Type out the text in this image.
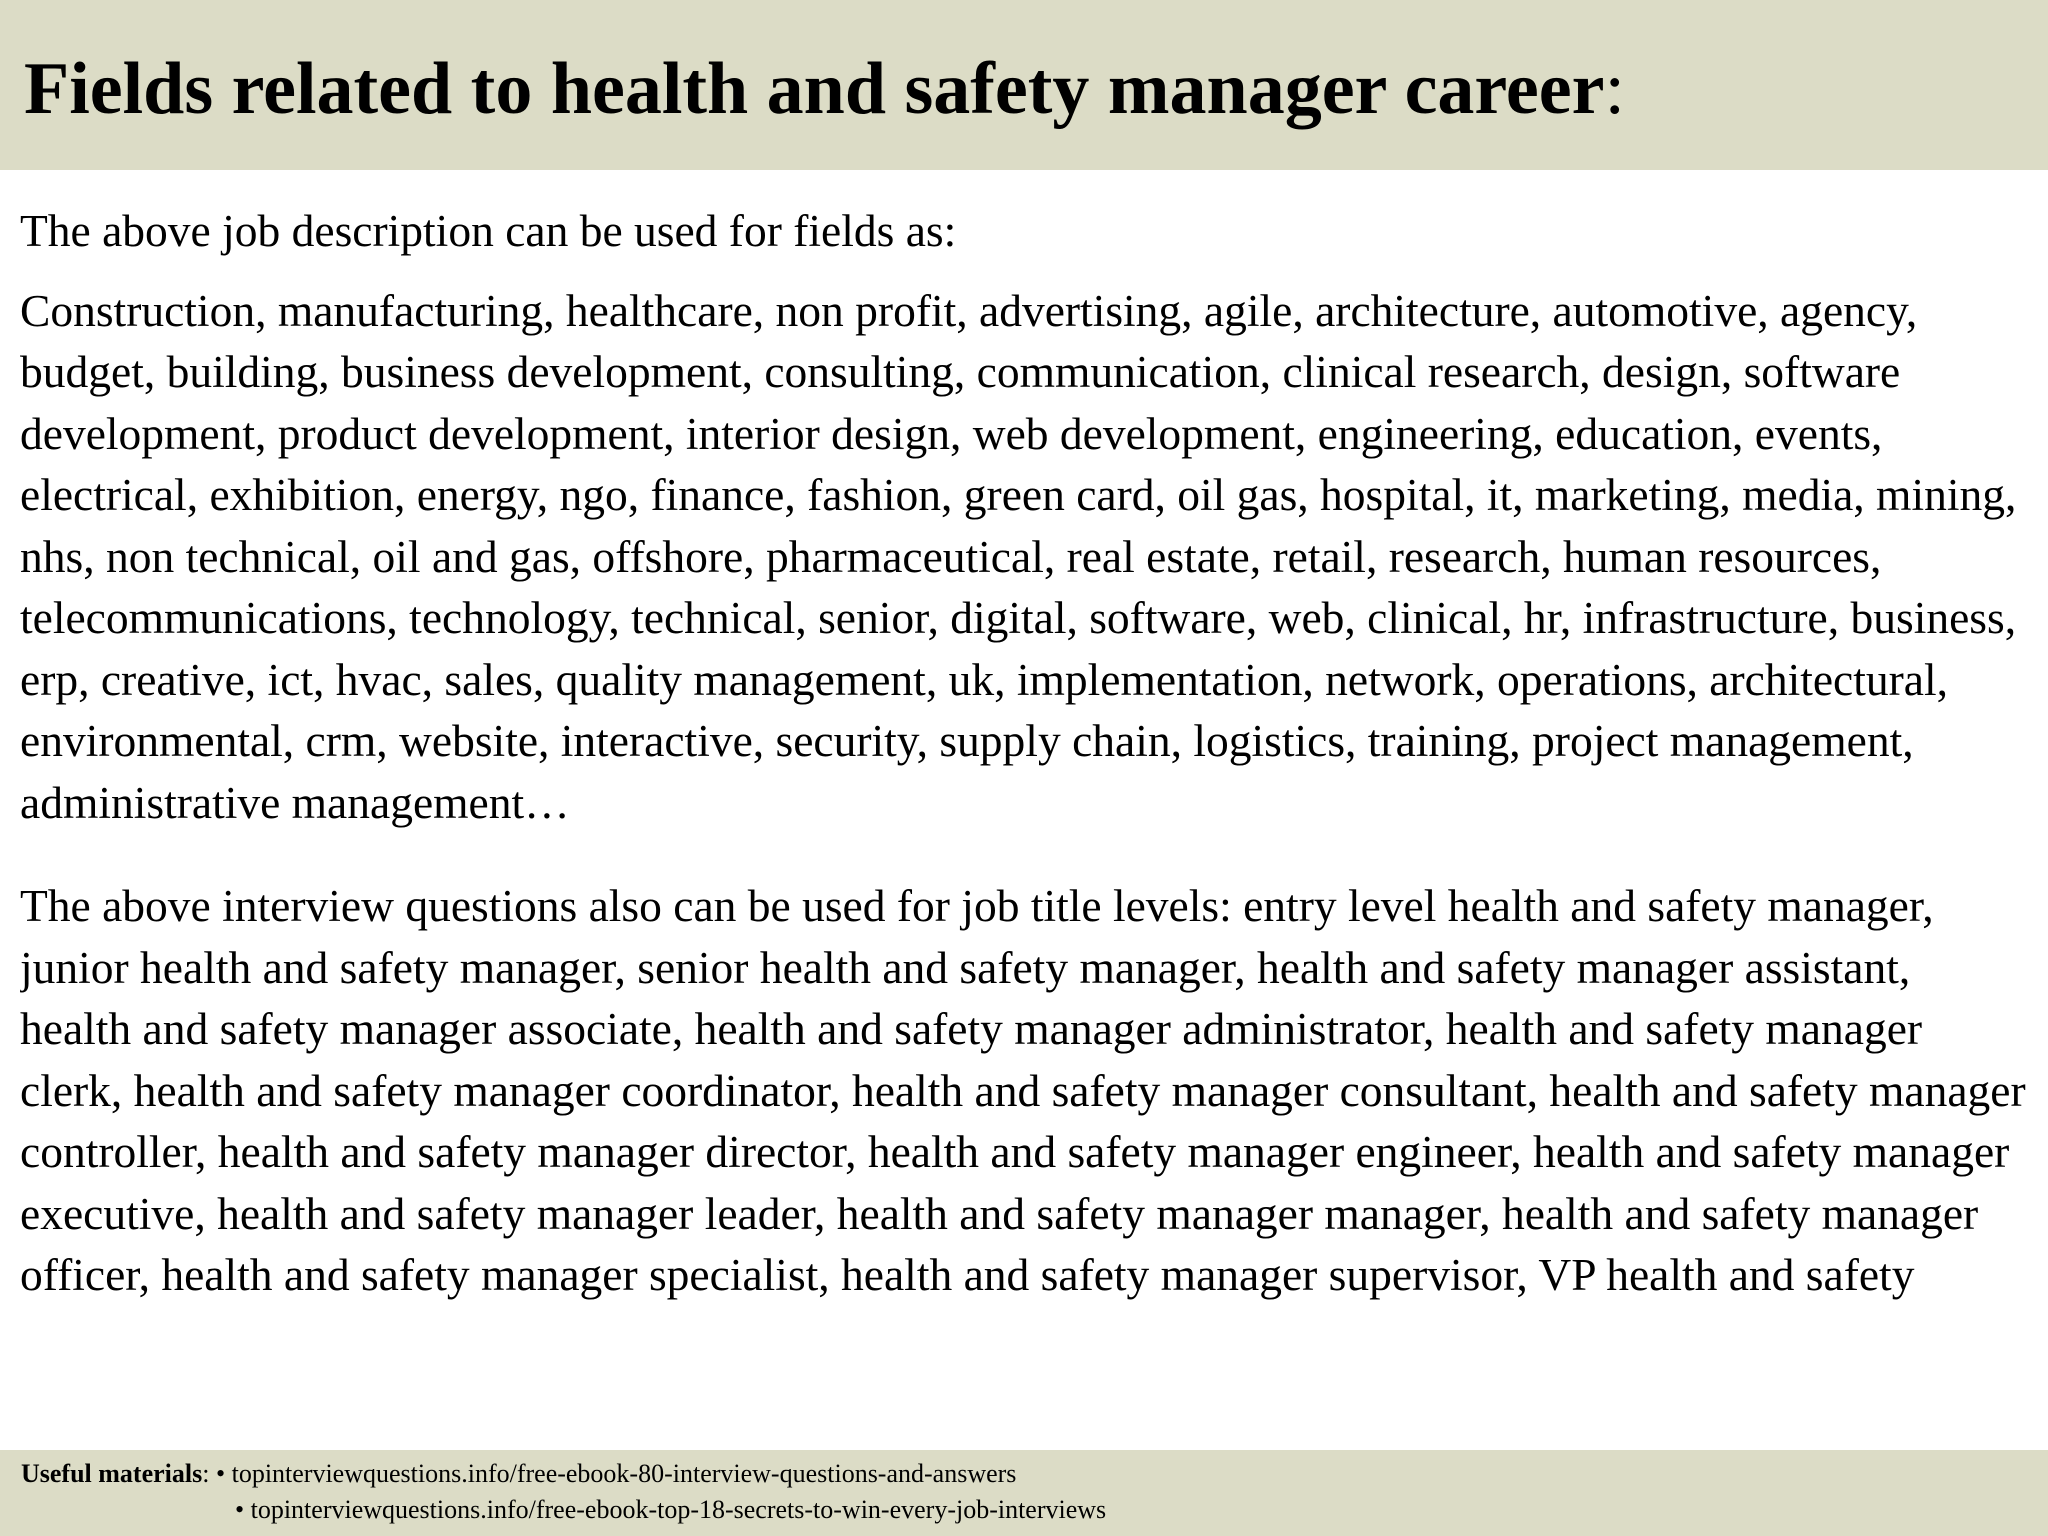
Fields related to health and safety manager career:

The above job description can be used for fields as:

Construction, manufacturing, healthcare, non profit, advertising, agile, architecture, automotive, agency, budget, building, business development, consulting, communication, clinical research, design, software development, product development, interior design, web development, engineering, education, events, electrical, exhibition, energy, ngo, finance, fashion, green card, oil gas, hospital, it, marketing, media, mining, nhs, non technical, oil and gas, offshore, pharmaceutical, real estate, retail, research, human resources, telecommunications, technology, technical, senior, digital, software, web, clinical, hr, infrastructure, business, erp, creative, ict, hvac, sales, quality management, uk, implementation, network, operations, architectural, environmental, crm, website, interactive, security, supply chain, logistics, training, project management, administrative management…

The above interview questions also can be used for job title levels: entry level health and safety manager, junior health and safety manager, senior health and safety manager, health and safety manager assistant, health and safety manager associate, health and safety manager administrator, health and safety manager clerk, health and safety manager coordinator, health and safety manager consultant, health and safety manager controller, health and safety manager director, health and safety manager engineer, health and safety manager executive, health and safety manager leader, health and safety manager manager, health and safety manager officer, health and safety manager specialist, health and safety manager supervisor, VP health and safety

Useful materials: • topinterviewquestions.info/free-ebook-80-interview-questions-and-answers
• topinterviewquestions.info/free-ebook-top-18-secrets-to-win-every-job-interviews
